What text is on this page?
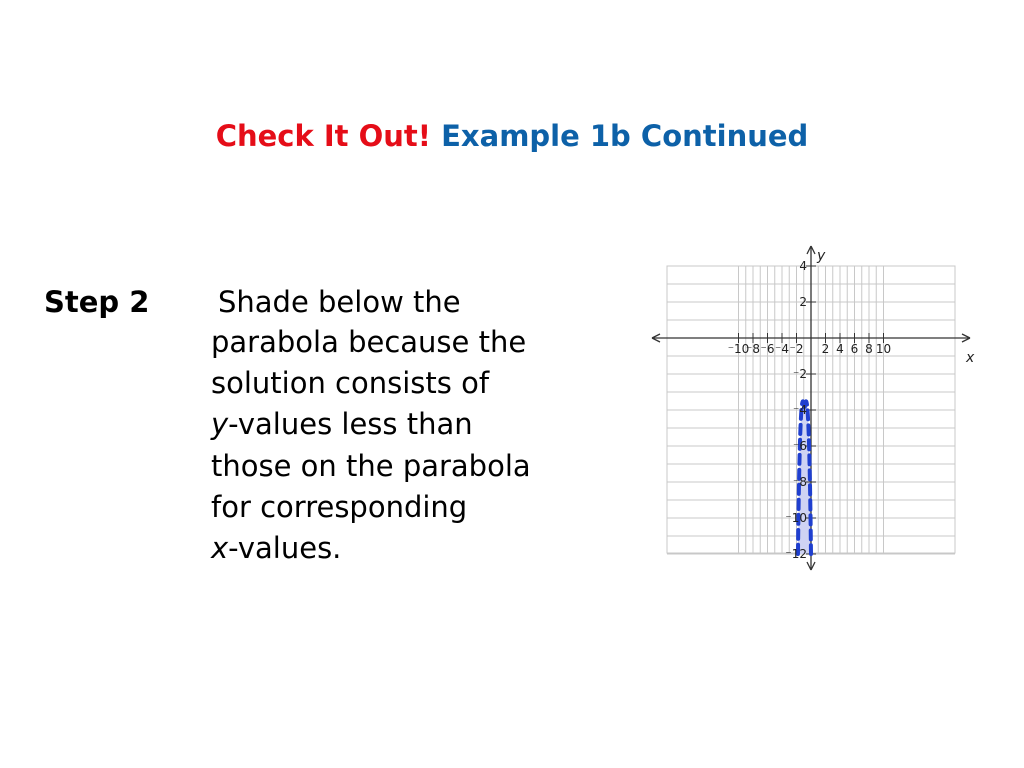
Check It Out! Example 1b Continued
Step 2 Shade below the
parabola because the
solution consists of
y-values less than
those on the parabola
for corresponding
x-values.
⁻10
⁻8 ⁻6 ⁻4 ⁻2 2 4 6 8 10
4
2
⁻2
⁻4
⁻6
⁻8
⁻10
⁻12
x
y
